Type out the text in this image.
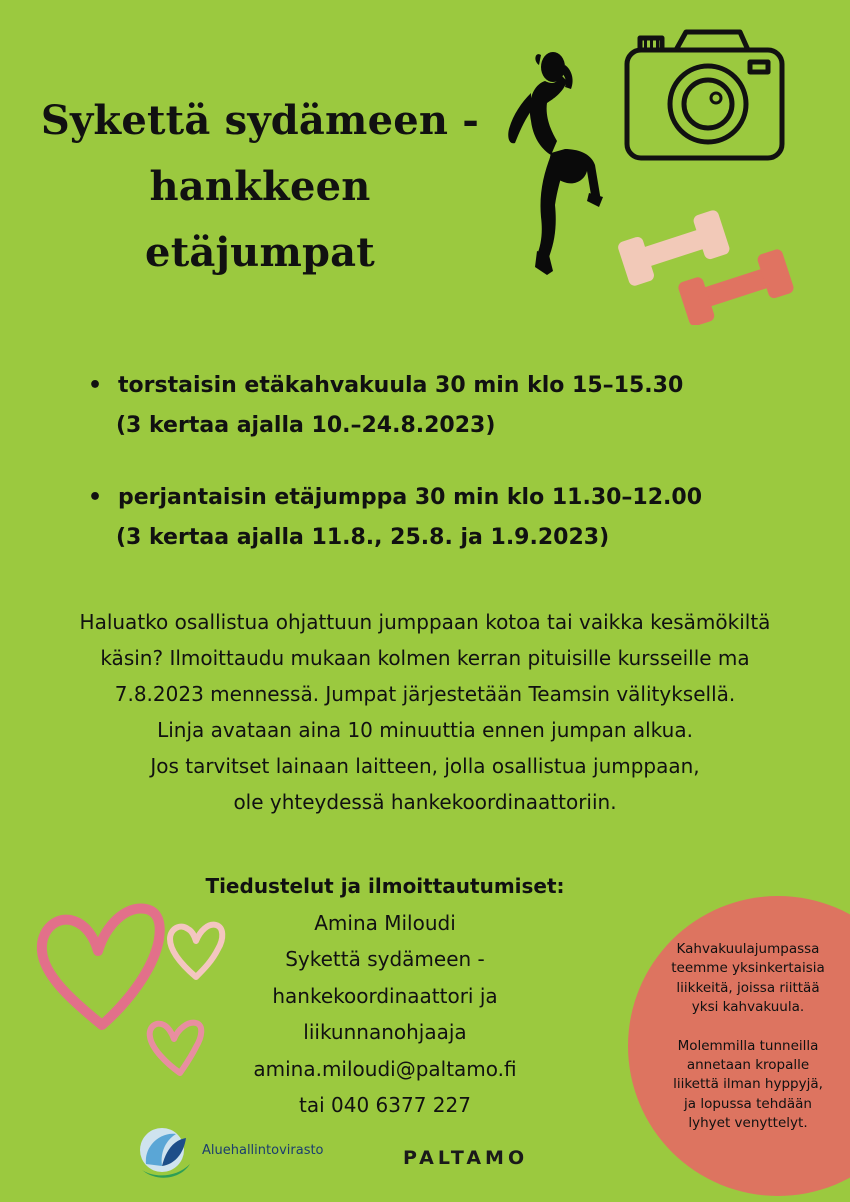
Sykettä sydämeen -
hankkeen
etäjumpat
• torstaisin etäkahvakuula 30 min klo 15–15.30
(3 kertaa ajalla 10.–24.8.2023)
• perjantaisin etäjumppa 30 min klo 11.30–12.00
(3 kertaa ajalla 11.8., 25.8. ja 1.9.2023)
Haluatko osallistua ohjattuun jumppaan kotoa tai vaikka kesämökiltä
käsin? Ilmoittaudu mukaan kolmen kerran pituisille kursseille ma
7.8.2023 mennessä. Jumpat järjestetään Teamsin välityksellä.
Linja avataan aina 10 minuuttia ennen jumpan alkua.
Jos tarvitset lainaan laitteen, jolla osallistua jumppaan,
ole yhteydessä hankekoordinaattoriin.
Tiedustelut ja ilmoittautumiset:
Amina Miloudi
Sykettä sydämeen -
hankekoordinaattori ja
liikunnanohjaaja
amina.miloudi@paltamo.fi
tai 040 6377 227
Kahvakuulajumpassa
teemme yksinkertaisia
liikkeitä, joissa riittää
yksi kahvakuula.
Molemmilla tunneilla
annetaan kropalle
liikettä ilman hyppyjä,
ja lopussa tehdään
lyhyet venyttelyt.
Aluehallintovirasto	PALTAMO
